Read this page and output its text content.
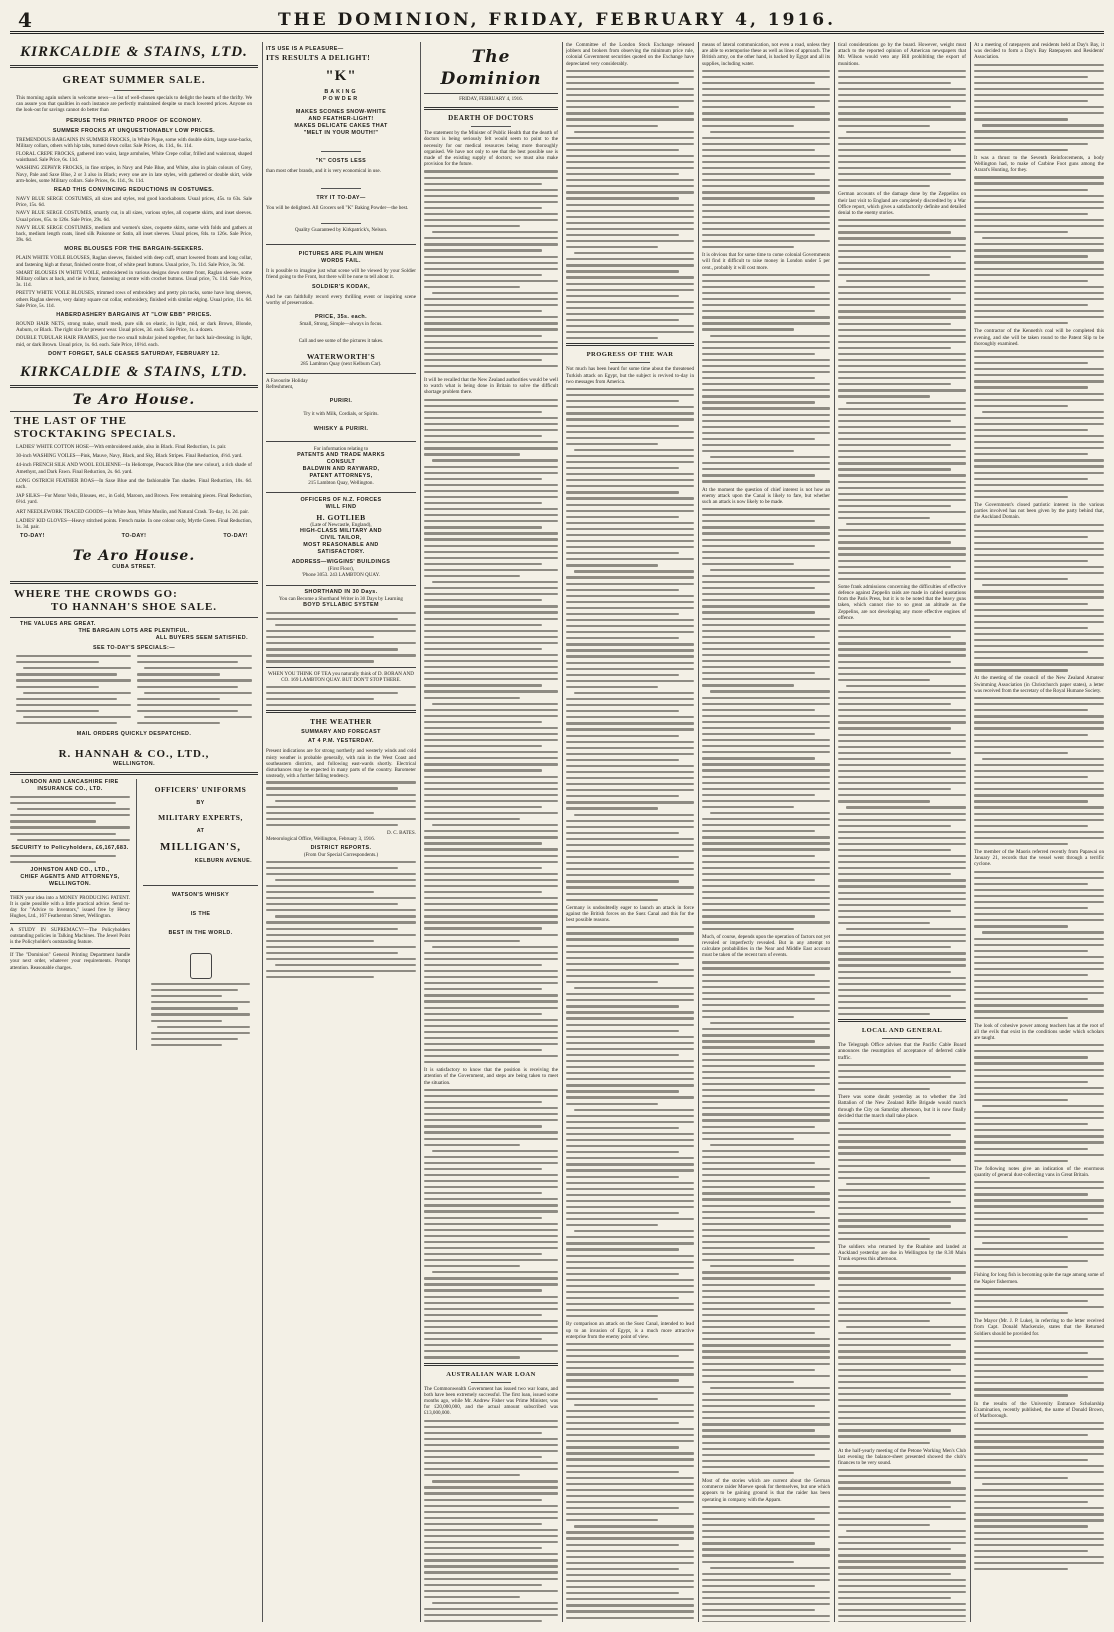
4	THE DOMINION, FRIDAY, FEBRUARY 4, 1916.
KIRKCALDIE & STAINS, LTD.
GREAT SUMMER SALE.
This morning again ushers in welcome news—a list of well-chosen specials to delight the hearts of the thrifty. We can assure you that qualities in each instance are perfectly maintained despite so much lowered prices. Anyone on the look-out for savings cannot do better than
PERUSE THIS PRINTED PROOF OF ECONOMY.
SUMMER FROCKS AT UNQUESTIONABLY LOW PRICES.
TREMENDOUS BARGAINS IN SUMMER FROCKS, in White Pique, some with double skirts, large saxe-backs, Military collars, others with hip tabs, turned down collar. Sale Prices, 4s. 11d., 6s. 11d.
FLORAL CREPE FROCKS, gathered into waist, large armholes, White Crepe collar, frilled and waistcoat, shaped waistband. Sale Price, 6s. 11d.
WASHING ZEPHYR FROCKS, in fine stripes, in Navy and Pale Blue, and White, also in plain colours of Grey, Navy, Pale and Saxe Blue, 2 or 3 also in Black; every one are in late styles, with gathered or double skirt, wide arm-holes, some Military collars. Sale Prices, 6s. 11d., 9s. 11d.
READ THIS CONVINCING REDUCTIONS IN COSTUMES.
NAVY BLUE SERGE COSTUMES, all sizes and styles, real good knockabouts. Usual prices, 45s. to 63s. Sale Price, 15s. 6d.
NAVY BLUE SERGE COSTUMES, smartly cut, in all sizes, various styles, all coquette skirts, and inset sleeves. Usual prices, 65s. to 126s. Sale Price, 29s. 6d.
NAVY BLUE SERGE COSTUMES, medium and women's sizes, coquette skirts, some with folds and gathers at back, medium length coats, lined silk Paisonne or Satin, all inset sleeves. Usual prices, 84s. to 126s. Sale Price, 39s. 6d.
MORE BLOUSES FOR THE BARGAIN-SEEKERS.
PLAIN WHITE VOILE BLOUSES, Raglan sleeves, finished with deep cuff, smart lowered fronts and long collar, and fastening high at throat, finished centre front, of white pearl buttons. Usual price, 7s. 11d. Sale Price, 3s. 9d.
SMART BLOUSES IN WHITE VOILE, embroidered in various designs down centre front, Raglan sleeves, some Military collars at back, and tie in front, fastening at centre with crochet buttons. Usual price, 7s. 11d. Sale Price, 3s. 11d.
PRETTY WHITE VOILE BLOUSES, trimmed rows of embroidery and pretty pin tucks, some have long sleeves, others Raglan sleeves, very dainty square cut collar, embroidery, finished with similar edging. Usual price, 11s. 6d. Sale Price, 5s. 11d.
HABERDASHERY BARGAINS AT "LOW EBB" PRICES.
ROUND HAIR NETS, strong make, small mesh, pure silk on elastic, in light, mid, or dark Brown, Blonde, Auburn, or Black. The right size for present wear. Usual prices, 3d. each. Sale Price, 1s. a dozen.
DOUBLE TUBULAR HAIR FRAMES, just the two small tubular joined together, for back hair-dressing; in light, mid, or dark Brown. Usual price, 1s. 6d. each. Sale Price, 10½d. each.
DON'T FORGET, SALE CEASES SATURDAY, FEBRUARY 12.
KIRKCALDIE & STAINS, LTD.
Te Aro House.
THE LAST OF THE
STOCKTAKING SPECIALS.
LADIES' WHITE COTTON HOSE—With embroidered ankle, also in Black. Final Reduction, 1s. pair.
30-inch WASHING VOILES—Pink, Mauve, Navy, Black, and Sky, Black Stripes. Final Reduction, 4½d. yard.
44-inch FRENCH SILK AND WOOL EOLIENNE—In Heliotrope, Peacock Blue (the new colour), a rich shade of Amethyst, and Dark Fawn. Final Reduction, 2s. 6d. yard.
LONG OSTRICH FEATHER BOAS—In Saxe Blue and the fashionable Tan shades. Final Reduction, 10s. 6d. each.
JAP SILKS—For Motor Veils, Blouses, etc., in Gold, Maroon, and Brown. Few remaining pieces. Final Reduction, 6½d. yard.
ART NEEDLEWORK TRACED GOODS—In White Jean, White Muslin, and Natural Crash. To-day, 1s. 2d. pair.
LADIES' KID GLOVES—Heavy stitched points. French make. In one colour only, Myrtle Green. Final Reduction, 1s. 3d. pair.
TO-DAY!	TO-DAY!	TO-DAY!
Te Aro House.
CUBA STREET.
WHERE THE CROWDS GO:
TO HANNAH'S SHOE SALE.
THE VALUES ARE GREAT.
THE BARGAIN LOTS ARE PLENTIFUL.
ALL BUYERS SEEM SATISFIED.
SEE TO-DAY'S SPECIALS:—
MAIL ORDERS QUICKLY DESPATCHED.
R. HANNAH & CO., LTD.,
WELLINGTON.
LONDON AND LANCASHIRE FIRE INSURANCE CO., LTD.
SECURITY to Policyholders, £6,167,683.
JOHNSTON AND CO., LTD.,
CHIEF AGENTS AND ATTORNEYS,
WELLINGTON.
THEN your idea into a MONEY PRODUCING PATENT. It is quite possible with a little practical advice. Send to-day for "Advice to Inventors," issued free by Henry Hughes, Ltd., 167 Featherston Street, Wellington.
A STUDY IN SUPREMACY!—The Policyholders outstanding policies in Talking Machines. The Jewel Point is the Policyholder's outstanding feature.
If The "Dominion" General Printing Department handle your next order, whatever your requirements. Prompt attention. Reasonable charges.
OFFICERS' UNIFORMS
BY
MILITARY EXPERTS,
AT
MILLIGAN'S,
KELBURN AVENUE.
WATSON'S WHISKY
IS THE
BEST IN THE WORLD.
ITS USE IS A PLEASURE—
ITS RESULTS A DELIGHT!
"K"
BAKING
POWDER
MAKES SCONES SNOW-WHITE
AND FEATHER-LIGHT!
MAKES DELICATE CAKES THAT
"MELT IN YOUR MOUTH!"
"K" COSTS LESS
than most other brands, and it is very economical in use.
TRY IT TO-DAY—
You will be delighted. All Grocers sell "K" Baking Powder—the best.
Quality Guaranteed by Kirkpatrick's, Nelson.
PICTURES ARE PLAIN WHEN
WORDS FAIL.
It is possible to imagine just what scene will be viewed by your Soldier friend going to the Front, but there will be none to tell about it.
SOLDIER'S KODAK,
And he can faithfully record every thrilling event or inspiring scene worthy of preservation.
PRICE, 35s. each.
Small, Strong, Simple—always in focus.
Call and see some of the pictures it takes.
WATERWORTH'S
285 Lambton Quay (next Kelburn Car).
A Favourite Holiday Refreshment,
PURIRI.
Try it with Milk, Cordials, or Spirits.
WHISKY & PURIRI.
For information relating to
PATENTS AND TRADE MARKS
CONSULT
BALDWIN AND RAYWARD,
PATENT ATTORNEYS,
215 Lambton Quay, Wellington.
OFFICERS OF N.Z. FORCES
WILL FIND
H. GOTLIEB
(Late of Newcastle, England),
HIGH-CLASS MILITARY AND
CIVIL TAILOR,
MOST REASONABLE AND
SATISFACTORY.
ADDRESS—WIGGINS' BUILDINGS
(First Floor),
'Phone 3053. 243 LAMBTON QUAY.
SHORTHAND IN 30 Days.
You can Become a Shorthand Writer in 30 Days by Learning
BOYD SYLLABIC SYSTEM
WHEN YOU THINK OF TEA you naturally think of D. BORAN AND CO. 169 LAMBTON QUAY. BUT DON'T STOP THERE.
THE WEATHER
SUMMARY AND FORECAST
AT 4 P.M. YESTERDAY.
Present indications are for strong northerly and westerly winds and cold misty weather is probable generally, with rain in the West Coast and southeastern districts, and following east-wards shortly. Electrical disturbances may be expected in many parts of the country. Barometer unsteady, with a further falling tendency.
D. C. BATES.
Meteorological Office, Wellington, February 3, 1916.
DISTRICT REPORTS.
(From Our Special Correspondents.)
The Dominion
FRIDAY, FEBRUARY 4, 1916.
DEARTH OF DOCTORS
The statement by the Minister of Public Health that the dearth of doctors is being seriously felt would seem to point to the necessity for our medical resources being more thoroughly organised. We have not only to see that the best possible use is made of the existing supply of doctors; we must also make provision for the future.
It will be recalled that the New Zealand authorities would be well to watch what is being done in Britain to solve the difficult shortage problem there.
It is satisfactory to know that the position is receiving the attention of the Government, and steps are being taken to meet the situation.
AUSTRALIAN WAR LOAN
The Commonwealth Government has issued two war loans, and both have been extremely successful. The first loan, issued some months ago, while Mr. Andrew Fisher was Prime Minister, was for £20,000,000, and the actual amount subscribed was £13,000,000.
the Committee of the London Stock Exchange released jobbers and brokers from observing the minimum price rule, colonial Government securities quoted on the Exchange have depreciated very considerably.
PROGRESS OF THE WAR
Not much has been heard for some time about the threatened Turkish attack on Egypt, but the subject is revived to-day in two messages from America.
Germany is undoubtedly eager to launch an attack in force against the British forces on the Suez Canal and this for the best possible reasons.
By comparison an attack on the Suez Canal, intended to lead up to an invasion of Egypt, is a much more attractive enterprise from the enemy point of view.
means of lateral communication, not even a road, unless they are able to extemporise these as well as lines of approach. The British army, on the other hand, is backed by Egypt and all its supplies, including water.
It is obvious that for some time to come colonial Governments will find it difficult to raise money in London under 5 per cent., probably it will cost more.
At the moment the question of chief interest is not how an enemy attack upon the Canal is likely to fare, but whether such an attack is now likely to be made.
Much, of course, depends upon the operation of factors not yet revealed or imperfectly revealed. But in any attempt to calculate probabilities in the Near and Middle East account must be taken of the recent turn of events.
Most of the stories which are current about the German commerce raider Moewe speak for themselves, but one which appears to be gaining ground is that the raider has been operating in company with the Appam.
tical considerations go by the board. However, weight must attach to the reported opinion of American newspapers that Mr. Wilson would veto any Bill prohibiting the export of munitions.
German accounts of the damage done by the Zeppelins on their last visit to England are completely discredited by a War Office report, which gives a satisfactorily definite and detailed denial to the enemy stories.
Some frank admissions concerning the difficulties of effective defence against Zeppelin raids are made in cabled quotations from the Paris Press, but it is to be noted that the heavy guns taken, which cannot rise to so great an altitude as the Zeppelins, are not developing any more effective engines of offence.
LOCAL AND GENERAL
The Telegraph Office advises that the Pacific Cable Board announces the resumption of acceptance of deferred cable traffic.
There was some doubt yesterday as to whether the 3rd Battalion of the New Zealand Rifle Brigade would march through the City on Saturday afternoon, but it is now finally decided that the march shall take place.
The soldiers who returned by the Ruahine and landed at Auckland yesterday are due in Wellington by the 8.30 Main Trunk express this afternoon.
At the half-yearly meeting of the Petone Working Men's Club last evening the balance-sheet presented showed the club's finances to be very sound.
At a meeting of ratepayers and residents held at Day's Bay, it was decided to form a Day's Bay Ratepayers and Residents' Association.
It was a thrust to the Seventh Reinforcements, a body Wellington had, to make of Carbine Foot guns among the Ararat's Hunting, for they.
The contractor of the Kenneth's coal will be completed this evening, and she will be taken round to the Patent Slip to be thoroughly examined.
The Government's closed patriotic interest in the various parties involved has not been given by the party behind that, the Auckland Domain.
At the meeting of the council of the New Zealand Amateur Swimming Association (in Christchurch paper states), a letter was received from the secretary of the Royal Humane Society.
The member of the Maoris referred recently from Papawai on January 21, records that the vessel went through a terrific cyclone.
The look of cohesive power among teachers has at the root of all the evils that exist in the conditions under which scholars are taught.
The following notes give an indication of the enormous quantity of general dust-collecting vans in Great Britain.
Fishing for long fish is becoming quite the rage among some of the Napier fishermen.
The Mayor (Mr. J. P. Luke), in referring to the letter received from Capt. Donald Mackenzie, states that the Returned Soldiers should be provided for.
In the results of the University Entrance Scholarship Examination, recently published, the name of Donald Brown, of Marlborough.
